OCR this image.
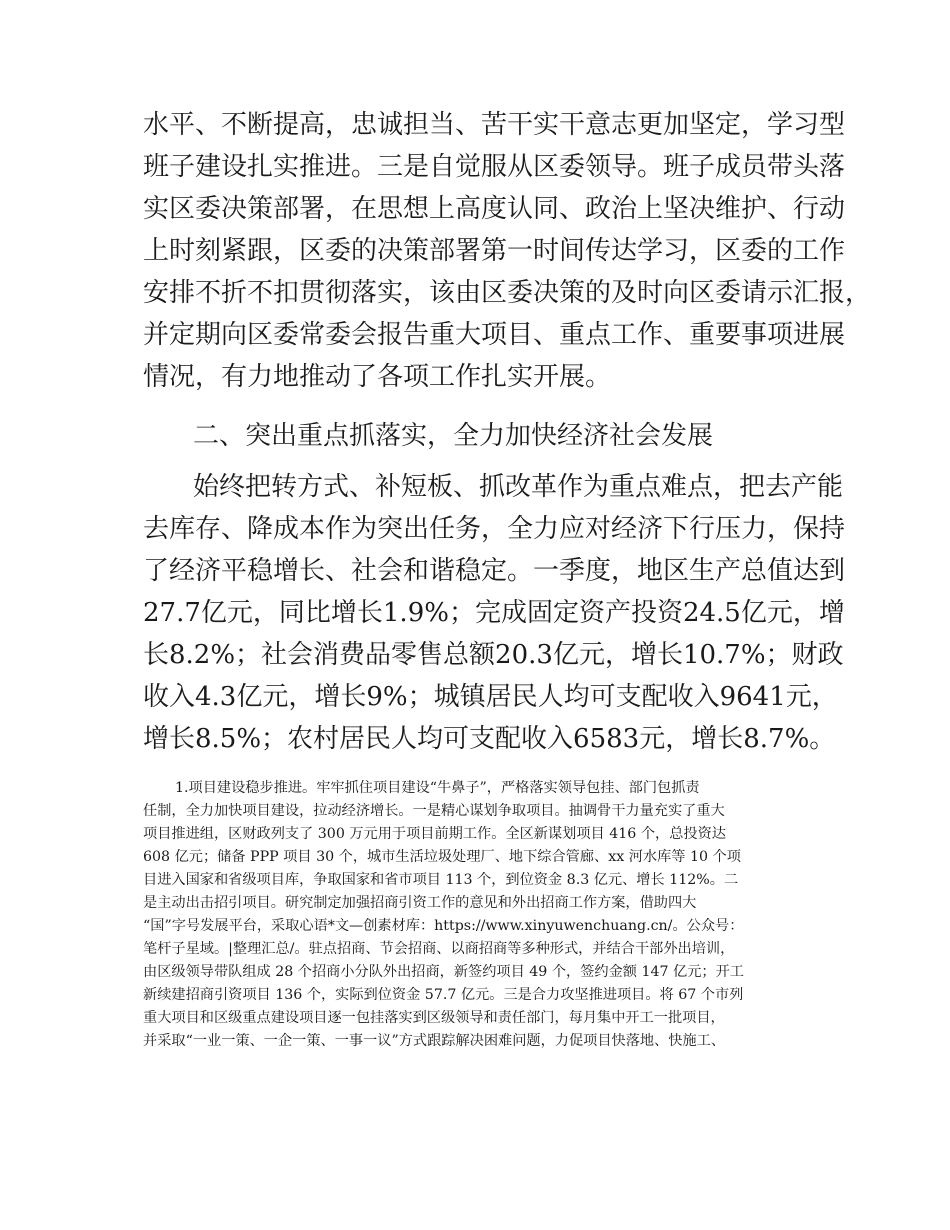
水平、不断提高，忠诚担当、苦干实干意志更加坚定，学习型

班子建设扎实推进。三是自觉服从区委领导。班子成员带头落

实区委决策部署，在思想上高度认同、政治上坚决维护、行动

上时刻紧跟，区委的决策部署第一时间传达学习，区委的工作

安排不折不扣贯彻落实，该由区委决策的及时向区委请示汇报，

并定期向区委常委会报告重大项目、重点工作、重要事项进展

情况，有力地推动了各项工作扎实开展。

二、突出重点抓落实，全力加快经济社会发展

始终把转方式、补短板、抓改革作为重点难点，把去产能

去库存、降成本作为突出任务，全力应对经济下行压力，保持

了经济平稳增长、社会和谐稳定。一季度，地区生产总值达到

27.7亿元，同比增长1.9%；完成固定资产投资24.5亿元，增

长8.2%；社会消费品零售总额20.3亿元，增长10.7%；财政

收入4.3亿元，增长9%；城镇居民人均可支配收入9641元，

增长8.5%；农村居民人均可支配收入6583元，增长8.7%。

1.项目建设稳步推进。牢牢抓住项目建设“牛鼻子”，严格落实领导包挂、部门包抓责

任制，全力加快项目建设，拉动经济增长。一是精心谋划争取项目。抽调骨干力量充实了重大

项目推进组，区财政列支了 300 万元用于项目前期工作。全区新谋划项目 416 个，总投资达

608 亿元；储备 PPP 项目 30 个，城市生活垃圾处理厂、地下综合管廊、xx 河水库等 10 个项

目进入国家和省级项目库，争取国家和省市项目 113 个，到位资金 8.3 亿元、增长 112%。二

是主动出击招引项目。研究制定加强招商引资工作的意见和外出招商工作方案，借助四大

“国”字号发展平台，采取心语*文—创素材库：https://www.xinyuwenchuang.cn/。公众号：

笔杆子星域。|整理汇总/。驻点招商、节会招商、以商招商等多种形式，并结合干部外出培训，

由区级领导带队组成 28 个招商小分队外出招商，新签约项目 49 个，签约金额 147 亿元；开工

新续建招商引资项目 136 个，实际到位资金 57.7 亿元。三是合力攻坚推进项目。将 67 个市列

重大项目和区级重点建设项目逐一包挂落实到区级领导和责任部门，每月集中开工一批项目，

并采取“一业一策、一企一策、一事一议”方式跟踪解决困难问题，力促项目快落地、快施工、
